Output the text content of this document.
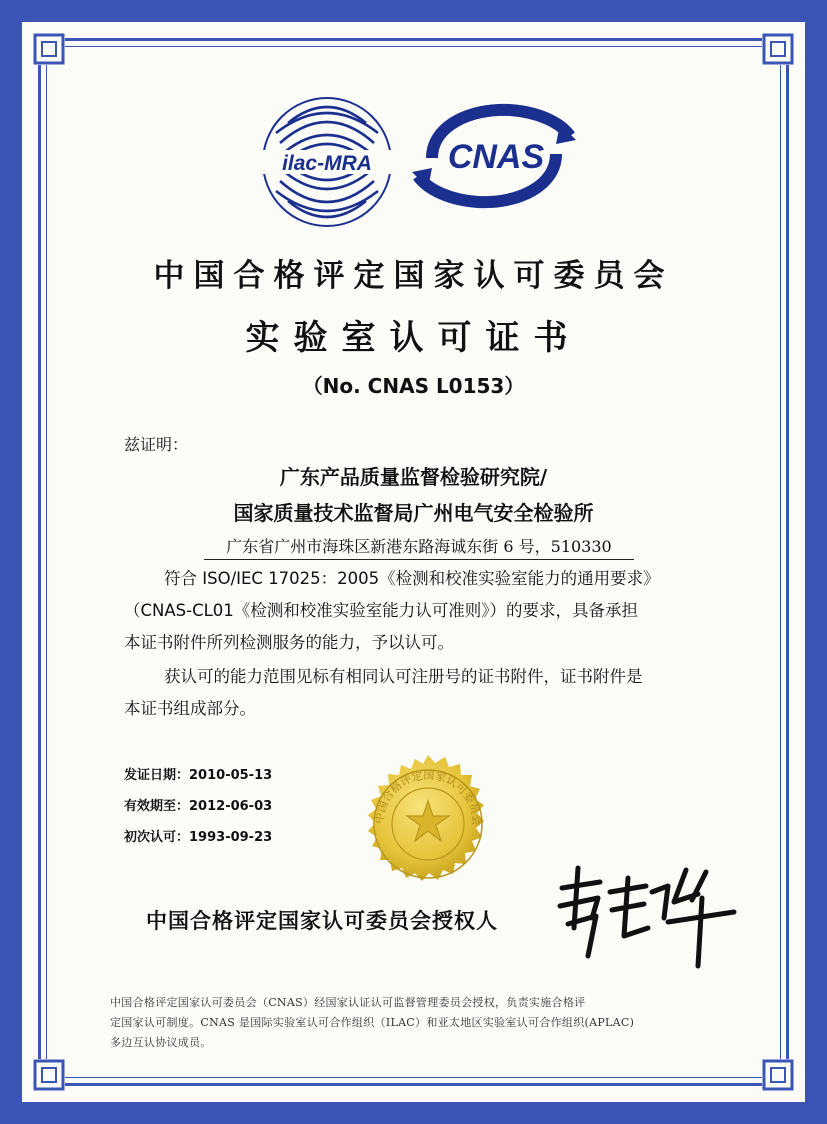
ilac-MRA CNAS
中国合格评定国家认可委员会
实验室认可证书
（No. CNAS L0153）
兹证明：
广东产品质量监督检验研究院/
国家质量技术监督局广州电气安全检验所
广东省广州市海珠区新港东路海诚东街 6 号，510330
符合 ISO/IEC 17025：2005《检测和校准实验室能力的通用要求》
（CNAS-CL01《检测和校准实验室能力认可准则》）的要求，具备承担
本证书附件所列检测服务的能力，予以认可。
获认可的能力范围见标有相同认可注册号的证书附件，证书附件是
本证书组成部分。
发证日期：2010-05-13
有效期至：2012-06-03
初次认可：1993-09-23
中国合格评定国家认可委员会
中国合格评定国家认可委员会授权人
中国合格评定国家认可委员会（CNAS）经国家认证认可监督管理委员会授权，负责实施合格评
定国家认可制度。CNAS 是国际实验室认可合作组织（ILAC）和亚太地区实验室认可合作组织(APLAC)
多边互认协议成员。
